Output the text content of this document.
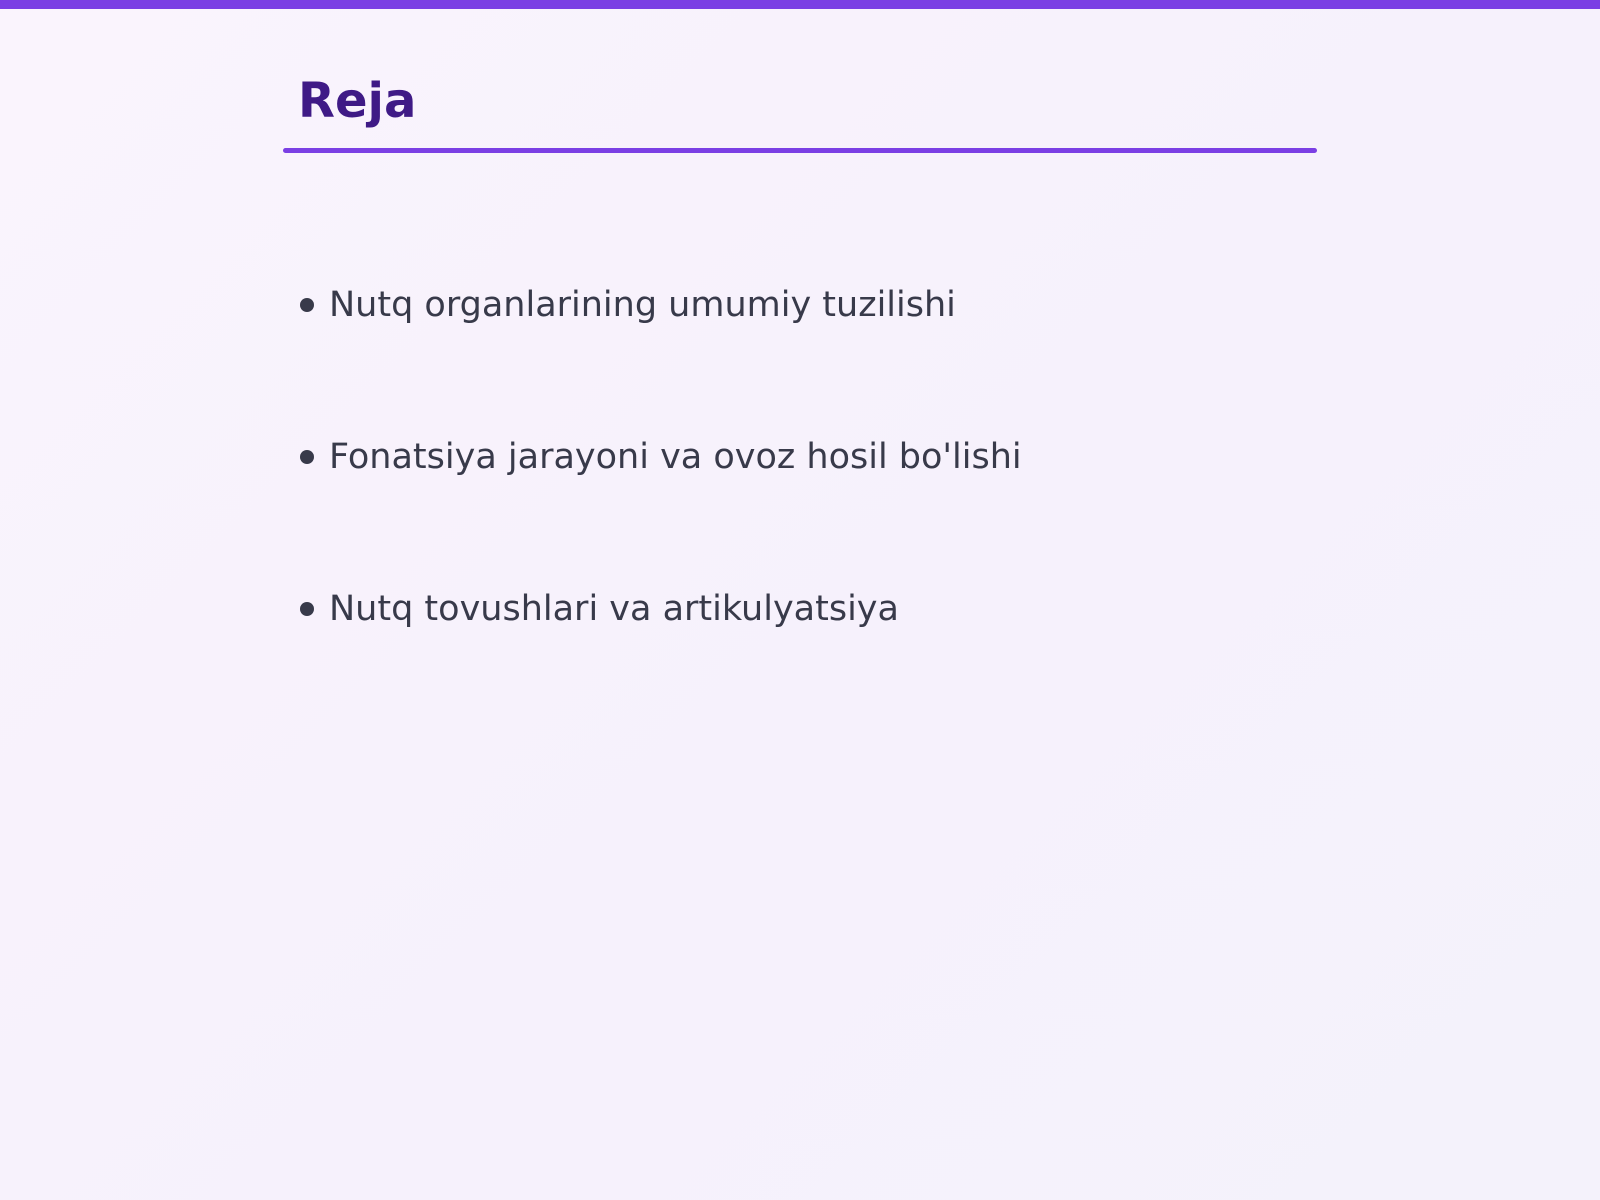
Reja
Nutq organlarining umumiy tuzilishi
Fonatsiya jarayoni va ovoz hosil bo'lishi
Nutq tovushlari va artikulyatsiya
